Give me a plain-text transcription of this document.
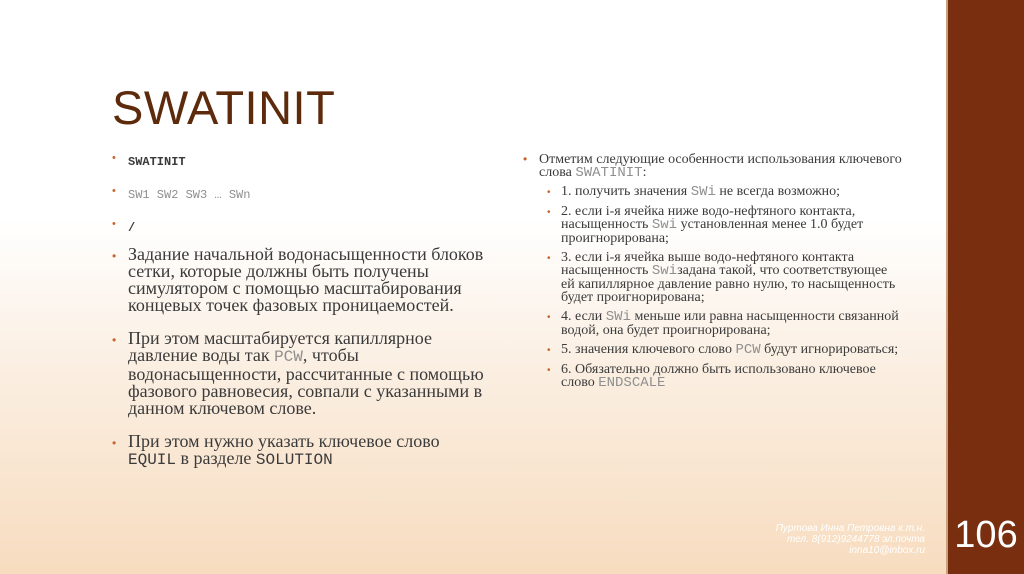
SWATINIT
• SWATINIT
• SW1 SW2 SW3 … SWn
• /
• Задание начальной водонасыщенности блоков сетки, которые должны быть получены симулятором с помощью масштабирования концевых точек фазовых проницаемостей.
• При этом масштабируется капиллярное давление воды так PCW, чтобы водонасыщенности, рассчитанные с помощью фазового равновесия, совпали с указанными в данном ключевом слове.
• При этом нужно указать ключевое слово EQUIL в разделе SOLUTION
• Отметим следующие особенности использования ключевого слова SWATINIT:
• 1. получить значения SWi не всегда возможно;
• 2. если i-я ячейка ниже водо-нефтяного контакта, насыщенность Swi установленная менее 1.0 будет проигнорирована;
• 3. если i-я ячейка выше водо-нефтяного контакта насыщенность Swiзадана такой, что соответствующее ей капиллярное давление равно нулю, то насыщенность будет проигнорирована;
• 4. если SWi меньше или равна насыщенности связанной водой, она будет проигнорирована;
• 5. значения ключевого слово PCW будут игнорироваться;
• 6. Обязательно должно быть использовано ключевое слово ENDSCALE
Пуртова Инна Петровна к.т.н.
тел. 8(912)9244778 эл.почта
inna10@inbox.ru 106
